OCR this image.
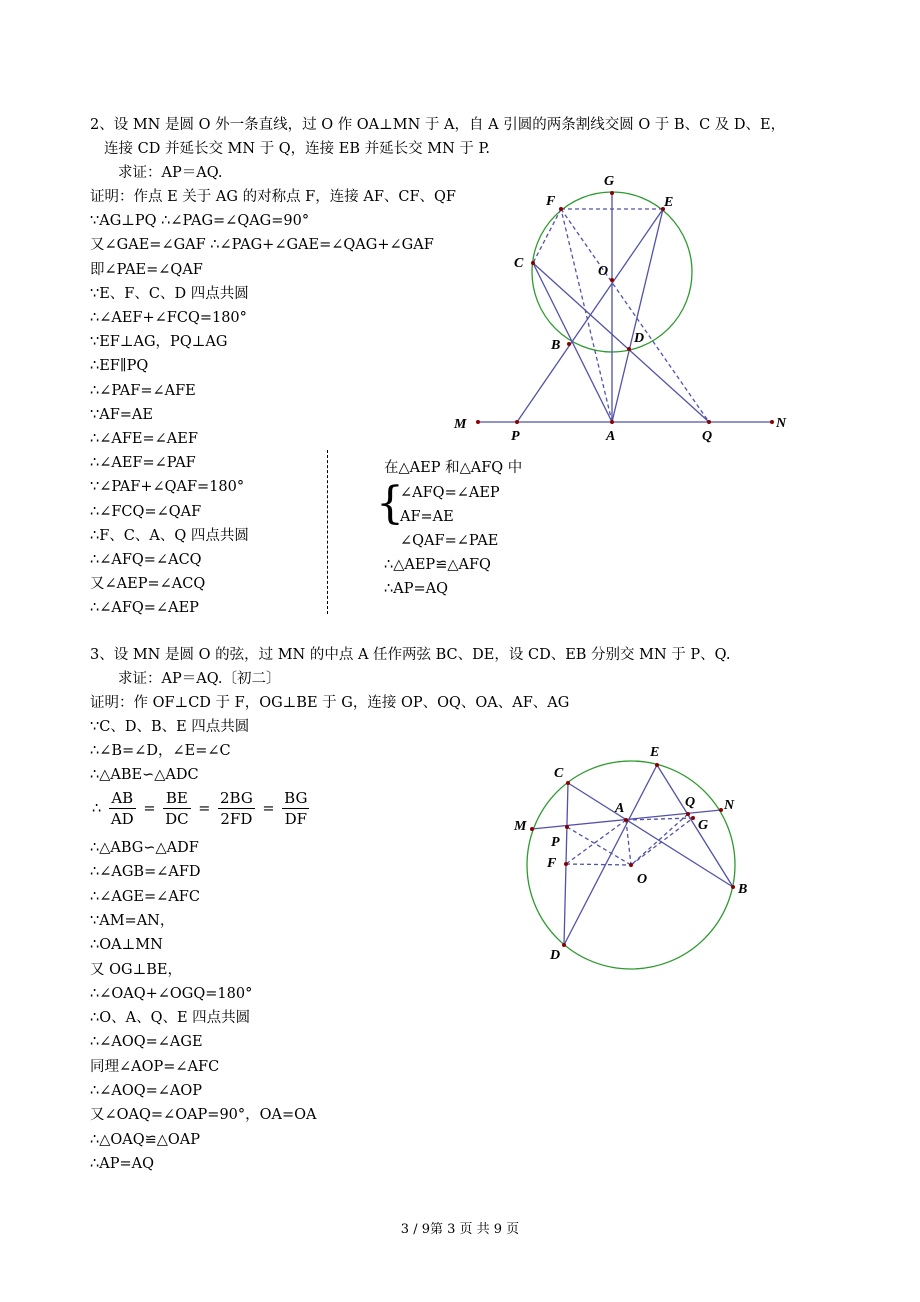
2、设 MN 是圆 O 外一条直线，过 O 作 OA⊥MN 于 A，自 A 引圆的两条割线交圆 O 于 B、C 及 D、E，
连接 CD 并延长交 MN 于 Q，连接 EB 并延长交 MN 于 P.
求证：AP＝AQ.
证明：作点 E 关于 AG 的对称点 F，连接 AF、CF、QF
∵AG⊥PQ ∴∠PAG=∠QAG=90°
又∠GAE=∠GAF ∴∠PAG+∠GAE=∠QAG+∠GAF
即∠PAE=∠QAF
∵E、F、C、D 四点共圆
∴∠AEF+∠FCQ=180°
∵EF⊥AG，PQ⊥AG
∴EF∥PQ
∴∠PAF=∠AFE
∵AF=AE
∴∠AFE=∠AEF
∴∠AEF=∠PAF
∵∠PAF+∠QAF=180°
∴∠FCQ=∠QAF
∴F、C、A、Q 四点共圆
∴∠AFQ=∠ACQ
又∠AEP=∠ACQ
∴∠AFQ=∠AEP
在△AEP 和△AFQ 中
{
∠AFQ=∠AEP
AF=AE
∠QAF=∠PAE
∴△AEP≌△AFQ
∴AP=AQ
G
F	E
C
O
D
B
M
P	A	Q
N
3、设 MN 是圆 O 的弦，过 MN 的中点 A 任作两弦 BC、DE，设 CD、EB 分别交 MN 于 P、Q.
求证：AP＝AQ.〔初二〕
证明：作 OF⊥CD 于 F，OG⊥BE 于 G，连接 OP、OQ、OA、AF、AG
∵C、D、B、E 四点共圆
∴∠B=∠D，∠E=∠C
∴△ABE∽△ADC
∴ $\frac{AB}{AD} = \frac{BE}{DC} = \frac{2BG}{2FD} = \frac{BG}{DF}$
∴△ABG∽△ADF
∴∠AGB=∠AFD
∴∠AGE=∠AFC
∵AM=AN，
∴OA⊥MN
又 OG⊥BE，
∴∠OAQ+∠OGQ=180°
∴O、A、Q、E 四点共圆
∴∠AOQ=∠AGE
同理∠AOP=∠AFC
∴∠AOQ=∠AOP
又∠OAQ=∠OAP=90°，OA=OA
∴△OAQ≌△OAP
∴AP=AQ
E
C
Q N
A
M	G
P
F
O
B
D
3 / 9第 3 页 共 9 页
